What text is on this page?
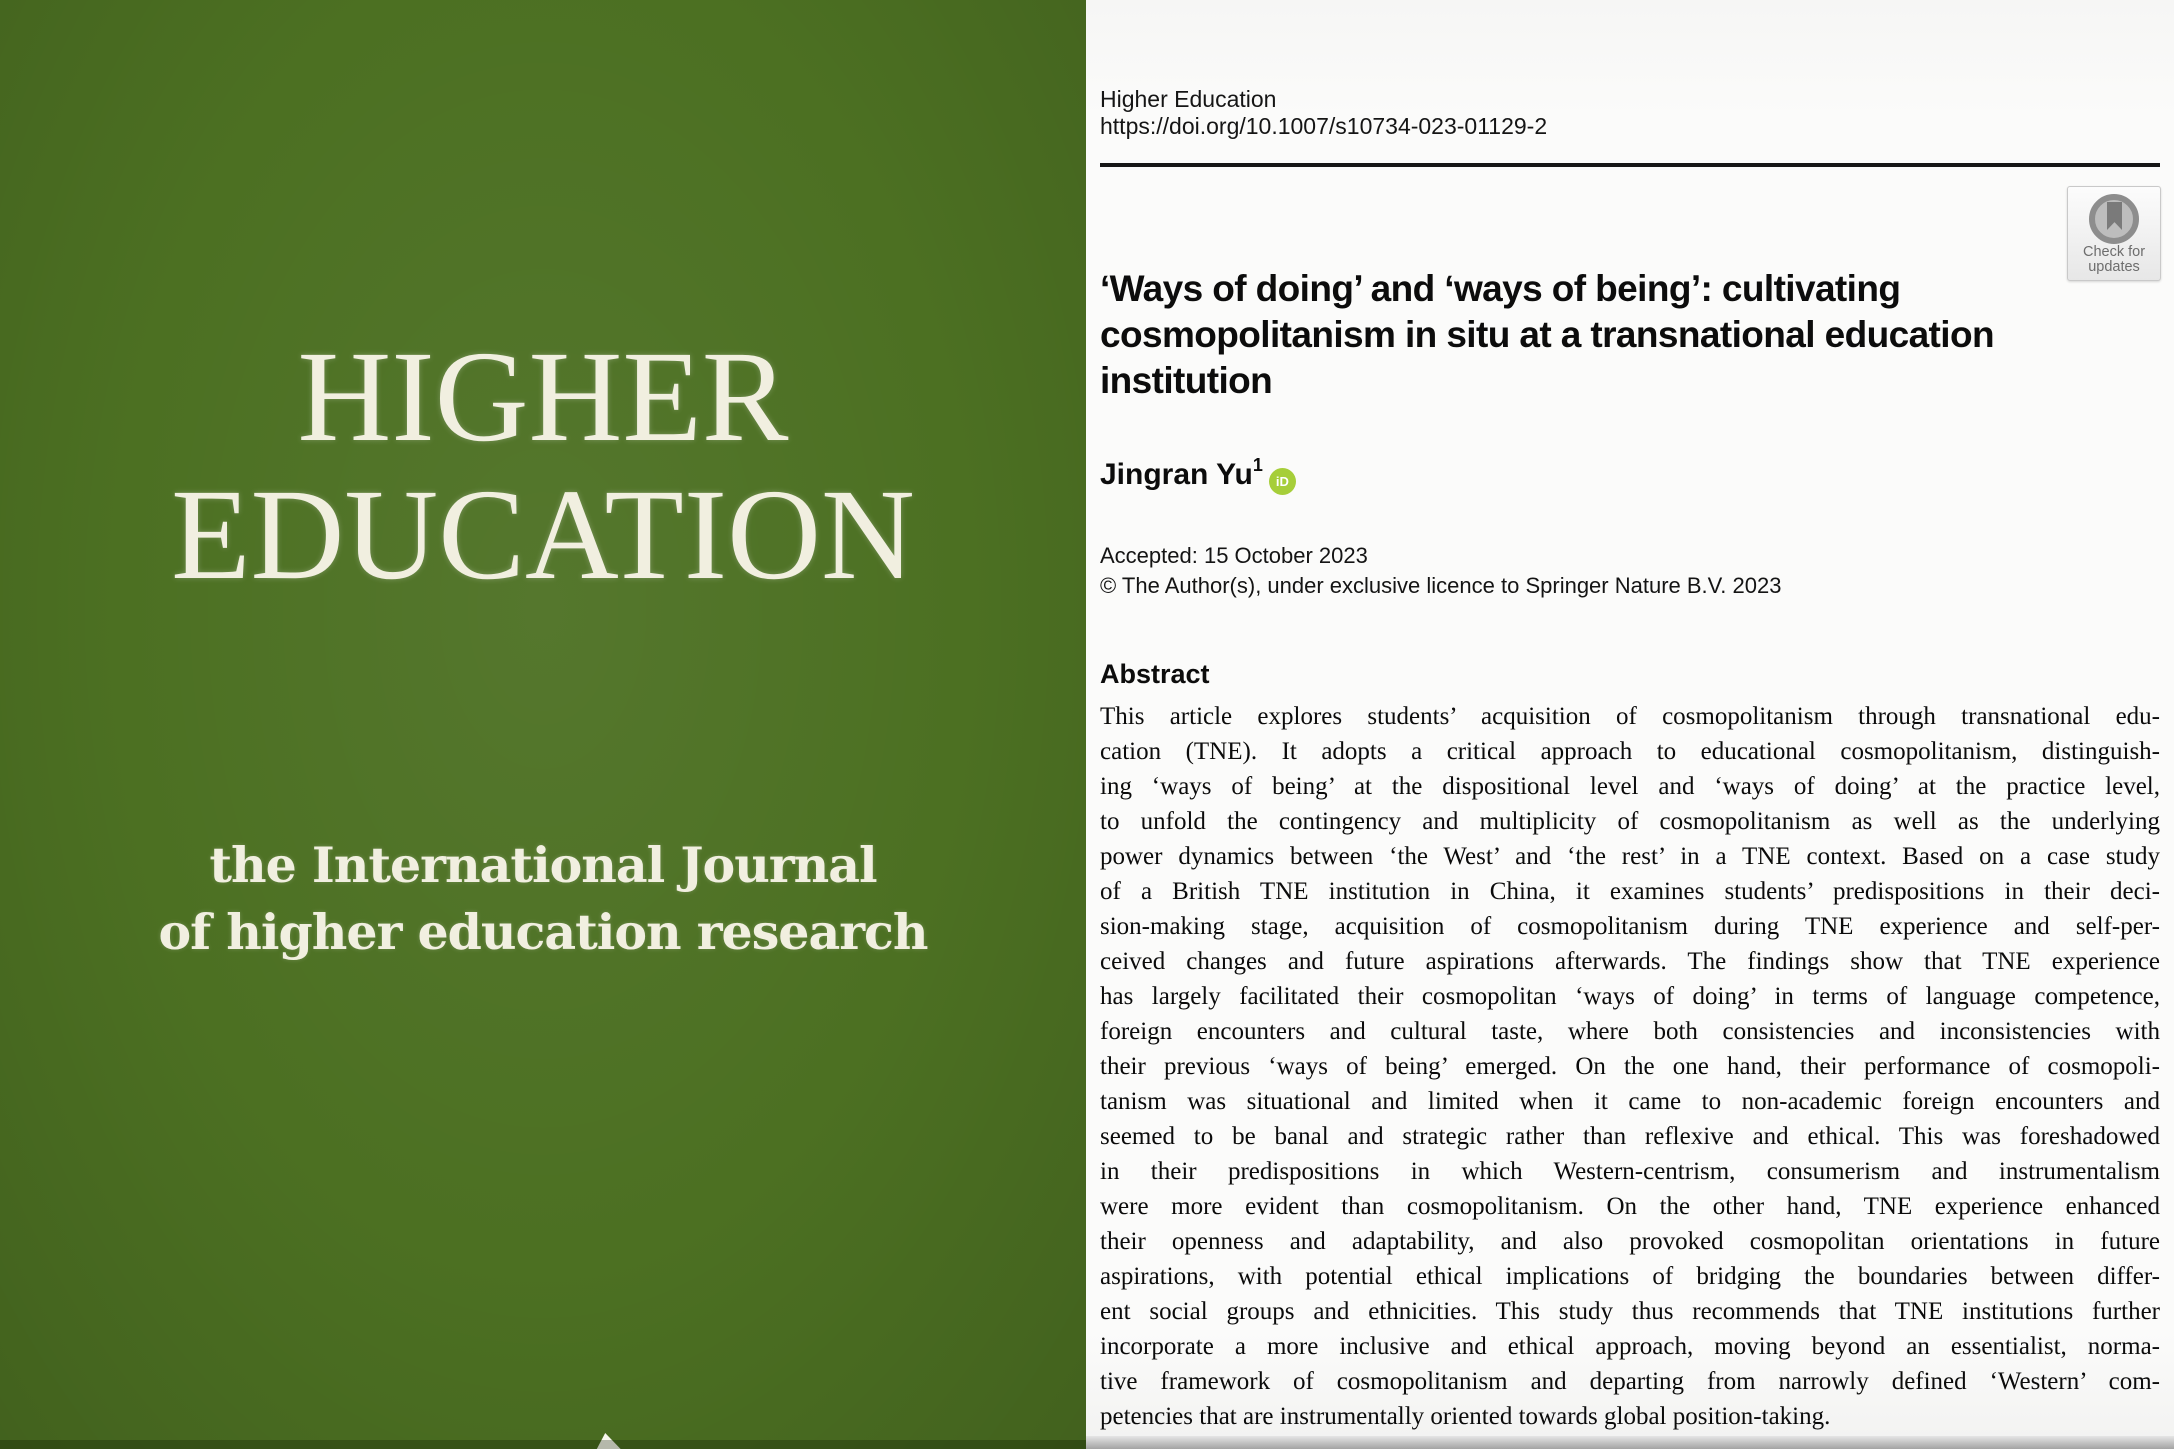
HIGHER
EDUCATION
the International Journal
of higher education research
Higher Education
https://doi.org/10.1007/s10734-023-01129-2
Check for
updates
‘Ways of doing’ and ‘ways of being’: cultivating
cosmopolitanism in situ at a transnational education
institution
Jingran Yu$^1$iD
Accepted: 15 October 2023
© The Author(s), under exclusive licence to Springer Nature B.V. 2023
Abstract
This article explores students’ acquisition of cosmopolitanism through transnational edu-
cation (TNE). It adopts a critical approach to educational cosmopolitanism, distinguish-
ing ‘ways of being’ at the dispositional level and ‘ways of doing’ at the practice level,
to unfold the contingency and multiplicity of cosmopolitanism as well as the underlying
power dynamics between ‘the West’ and ‘the rest’ in a TNE context. Based on a case study
of a British TNE institution in China, it examines students’ predispositions in their deci-
sion-making stage, acquisition of cosmopolitanism during TNE experience and self-per-
ceived changes and future aspirations afterwards. The findings show that TNE experience
has largely facilitated their cosmopolitan ‘ways of doing’ in terms of language competence,
foreign encounters and cultural taste, where both consistencies and inconsistencies with
their previous ‘ways of being’ emerged. On the one hand, their performance of cosmopoli-
tanism was situational and limited when it came to non-academic foreign encounters and
seemed to be banal and strategic rather than reflexive and ethical. This was foreshadowed
in their predispositions in which Western-centrism, consumerism and instrumentalism
were more evident than cosmopolitanism. On the other hand, TNE experience enhanced
their openness and adaptability, and also provoked cosmopolitan orientations in future
aspirations, with potential ethical implications of bridging the boundaries between differ-
ent social groups and ethnicities. This study thus recommends that TNE institutions further
incorporate a more inclusive and ethical approach, moving beyond an essentialist, norma-
tive framework of cosmopolitanism and departing from narrowly defined ‘Western’ com-
petencies that are instrumentally oriented towards global position-taking.
